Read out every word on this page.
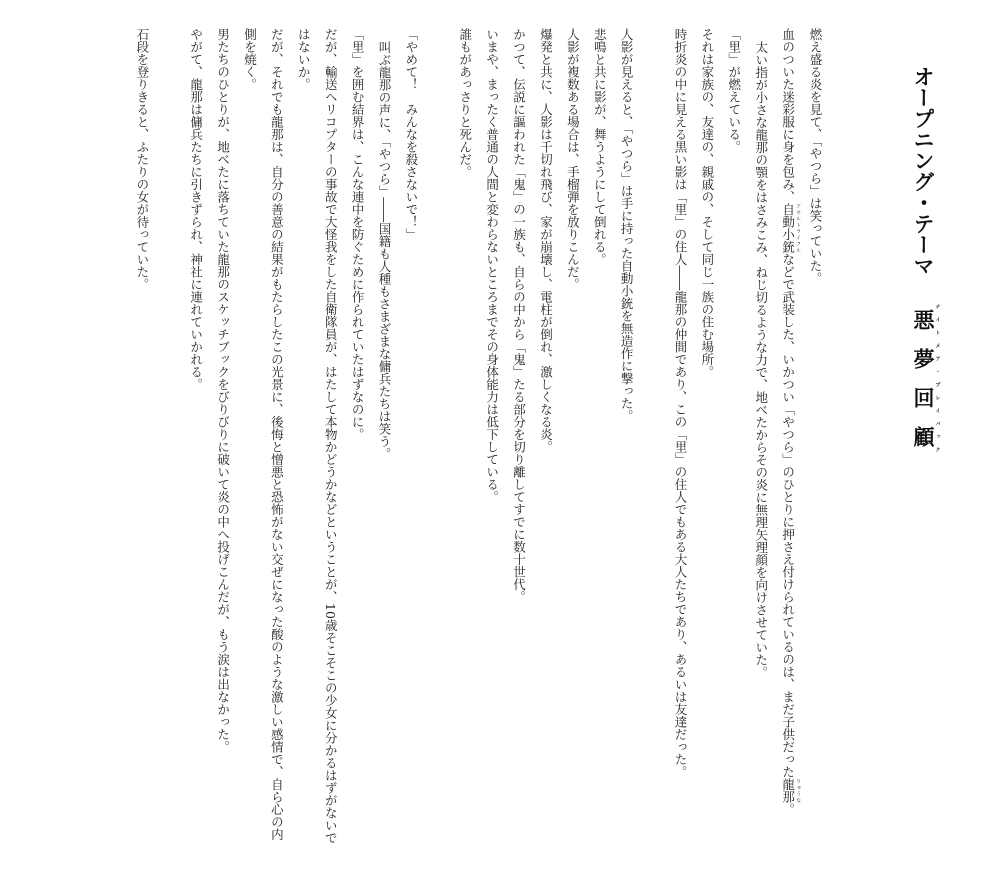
オープニング・テーマ悪夢回顧ナイトメア・プレイバック

燃え盛る炎を見て、「やつら」は笑っていた。

血のついた迷彩服に身を包み、自動小銃 アサルトライフルなどで武装した、いかつい「やつら」のひとりに押さえ付けられているのは、まだ子供だった龍那 りゅうな。

太い指が小さな龍那の顎をはさみこみ、ねじ切るような力で、地べたからその炎に無理矢理顔を向けさせていた。

「里」が燃えている。

それは家族の、友達の、親戚の、そして同じ一族の住む場所。

時折炎の中に見える黒い影は「里」の住人――龍那の仲間であり、この「里」の住人でもある大人たちであり、あるいは友達だった。

人影が見えると、「やつら」は手に持った自動小銃を無造作に撃った。

悲鳴と共に影が、舞うようにして倒れる。

人影が複数ある場合は、手榴弾を放りこんだ。

爆発と共に、人影は千切れ飛び、家が崩壊し、電柱が倒れ、激しくなる炎。

かつて、伝説に謳われた「鬼」の一族も、自らの中から「鬼」たる部分を切り離してすでに数十世代。

いまや、まったく普通の人間と変わらないところまでその身体能力は低下している。

誰もがあっさりと死んだ。

「やめて！　みんなを殺さないで！」

叫ぶ龍那の声に、「やつら」――国籍も人種もさまざまな傭兵たちは笑う。

「里」を囲む結界は、こんな連中を防ぐために作られていたはずなのに。

だが、輸送ヘリコプターの事故で大怪我をした自衛隊員が、はたして本物かどうかなどということが、10歳そこそこの少女に分かるはずがないではないか。

だが、それでも龍那は、自分の善意の結果がもたらしたこの光景に、後悔と憎悪と恐怖がない交ぜになった酸のような激しい感情で、自ら心の内側を焼く。

男たちのひとりが、地べたに落ちていた龍那のスケッチブックをびりびりに破いて炎の中へ投げこんだが、もう涙は出なかった。

やがて、龍那は傭兵たちに引きずられ、神社に連れていかれる。

石段を登りきると、ふたりの女が待っていた。
